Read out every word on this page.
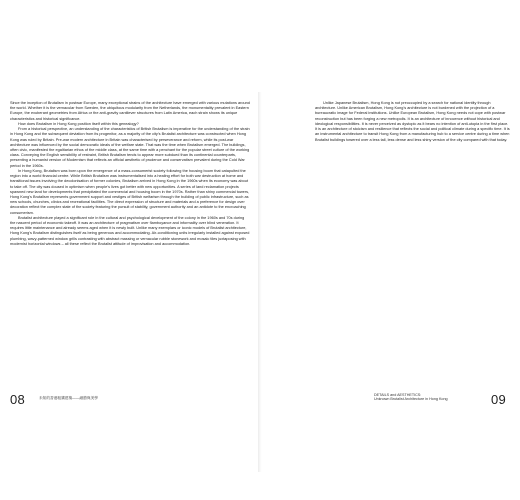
Since the inception of Brutalism in postwar Europe, many exceptional strains of the architecture have emerged with various mutations around the world. Whether it is the vernacular from Sweden, the ubiquitous modularity from the Netherlands, the monumentality prevalent in Eastern Europe, the exuberant geometries from Africa or the anti-gravity cantilever structures from Latin America, each strain shows its unique characteristics and historical significance.

How does Brutalism in Hong Kong position itself within this genealogy?

From a historical perspective, an understanding of the characteristics of British Brutalism is imperative for the understanding of the strain in Hong Kong and the subsequent deviation from its progenitor, as a majority of the city’s Brutalist architecture was constructed when Hong Kong was ruled by Britain. Pre-war modern architecture in Britain was characterised by perseverance and reform, while its post-war architecture was influenced by the social democratic ideals of the welfare state. That was the time when Brutalism emerged. The buildings, often civic, manifested the egalitarian ethos of the middle class, at the same time with a penchant for the popular street culture of the working class. Conveying the English sensibility of restraint, British Brutalism tends to appear more subdued than its continental counterparts, presenting a humanist version of Modernism that reflects an official aesthetic of prudence and conservatism prevalent during the Cold War period in the 1960s.

In Hong Kong, Brutalism was born upon the emergence of a mass-consumerist society following the housing boom that catapulted the region into a world financial centre. While British Brutalism was instrumentalised into a healing effort for both war destruction at home and transitional issues involving the decolonisation of former colonies, Brutalism arrived in Hong Kong in the 1960s when its economy was about to take off. The city was doused in optimism when people’s lives got better with new opportunities. A series of land reclamation projects spawned new land for developments that precipitated the commercial and housing boom in the 1970s. Rather than shiny commercial towers, Hong Kong’s Brutalism represents government support and vestiges of British welfarism through the building of public infrastructure, such as new schools, churches, clinics and recreational facilities. The direct expression of structure and materials and a preference for design over decoration reflect the complex state of the society featuring the pursuit of stability, government authority and an antidote to the encroaching consumerism.

Brutalist architecture played a significant role in the cultural and psychological development of the colony in the 1960s and 70s during the nascent period of economic takeoff. It was an architecture of pragmatism over flamboyance and informality over blind veneration. It requires little maintenance and already seems aged when it is newly built. Unlike many exemplars or iconic models of Brutalist architecture, Hong Kong’s Brutalism distinguishes itself as being generous and accommodating. Air-conditioning units irregularly installed against exposed plumbing, wavy-patterned window grills contrasting with abstract massing or vernacular rubble stonework and mosaic tiles juxtaposing with modernist horizontal windows – all these reflect the Brutalist attitude of improvisation and accommodation.

08	未知的香港粗獷建築——細節與美學

Unlike Japanese Brutalism, Hong Kong is not preoccupied by a search for national identity through architecture. Unlike American Brutalism, Hong Kong’s architecture is not burdened with the projection of a bureaucratic image for Federal institutions. Unlike European Brutalism, Hong Kong needs not cope with postwar reconstruction but has been forging a new metropolis. It is an architecture of innocence without historical and ideological responsibilities. It is never perceived as dystopic as it bears no intention of anti-utopia in the first place. It is an architecture of stoicism and resilience that reflects the social and political climate during a specific time. It is an instrumental architecture to transit Hong Kong from a manufacturing hub to a service centre during a time when Brutalist buildings towered over a less tall, less dense and less shiny version of the city compared with that today.

DETAILS and AESTHETICS:
Unknown Brutalist Architecture in Hong Kong	09
